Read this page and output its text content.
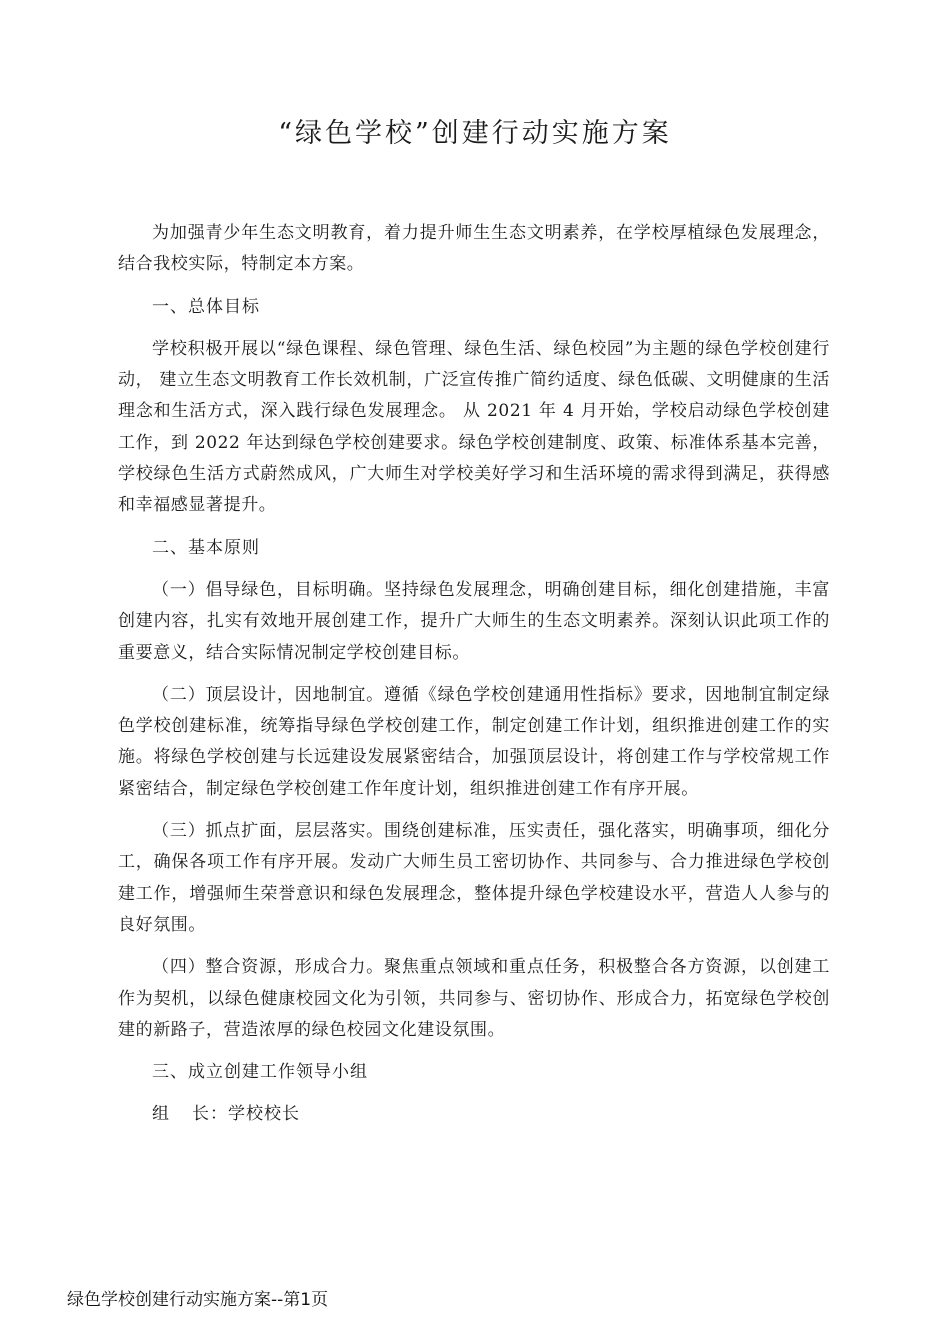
“绿色学校”创建行动实施方案

为加强青少年生态文明教育，着力提升师生生态文明素养，在学校厚植绿色发展理念，结合我校实际，特制定本方案。

一、总体目标

学校积极开展以“绿色课程、绿色管理、绿色生活、绿色校园”为主题的绿色学校创建行动， 建立生态文明教育工作长效机制，广泛宣传推广简约适度、绿色低碳、文明健康的生活理念和生活方式，深入践行绿色发展理念。 从 2021 年 4 月开始，学校启动绿色学校创建工作，到 2022 年达到绿色学校创建要求。绿色学校创建制度、政策、标准体系基本完善，学校绿色生活方式蔚然成风，广大师生对学校美好学习和生活环境的需求得到满足，获得感和幸福感显著提升。

二、基本原则

（一）倡导绿色，目标明确。坚持绿色发展理念，明确创建目标，细化创建措施，丰富创建内容，扎实有效地开展创建工作，提升广大师生的生态文明素养。深刻认识此项工作的重要意义，结合实际情况制定学校创建目标。

（二）顶层设计，因地制宜。遵循《绿色学校创建通用性指标》要求，因地制宜制定绿色学校创建标准，统筹指导绿色学校创建工作，制定创建工作计划，组织推进创建工作的实施。将绿色学校创建与长远建设发展紧密结合，加强顶层设计，将创建工作与学校常规工作紧密结合，制定绿色学校创建工作年度计划，组织推进创建工作有序开展。

（三）抓点扩面，层层落实。围绕创建标准，压实责任，强化落实，明确事项，细化分工，确保各项工作有序开展。发动广大师生员工密切协作、共同参与、合力推进绿色学校创建工作，增强师生荣誉意识和绿色发展理念，整体提升绿色学校建设水平，营造人人参与的良好氛围。

（四）整合资源，形成合力。聚焦重点领域和重点任务，积极整合各方资源，以创建工作为契机，以绿色健康校园文化为引领，共同参与、密切协作、形成合力，拓宽绿色学校创建的新路子，营造浓厚的绿色校园文化建设氛围。

三、成立创建工作领导小组

组 长：学校校长

绿色学校创建行动实施方案--第1页
